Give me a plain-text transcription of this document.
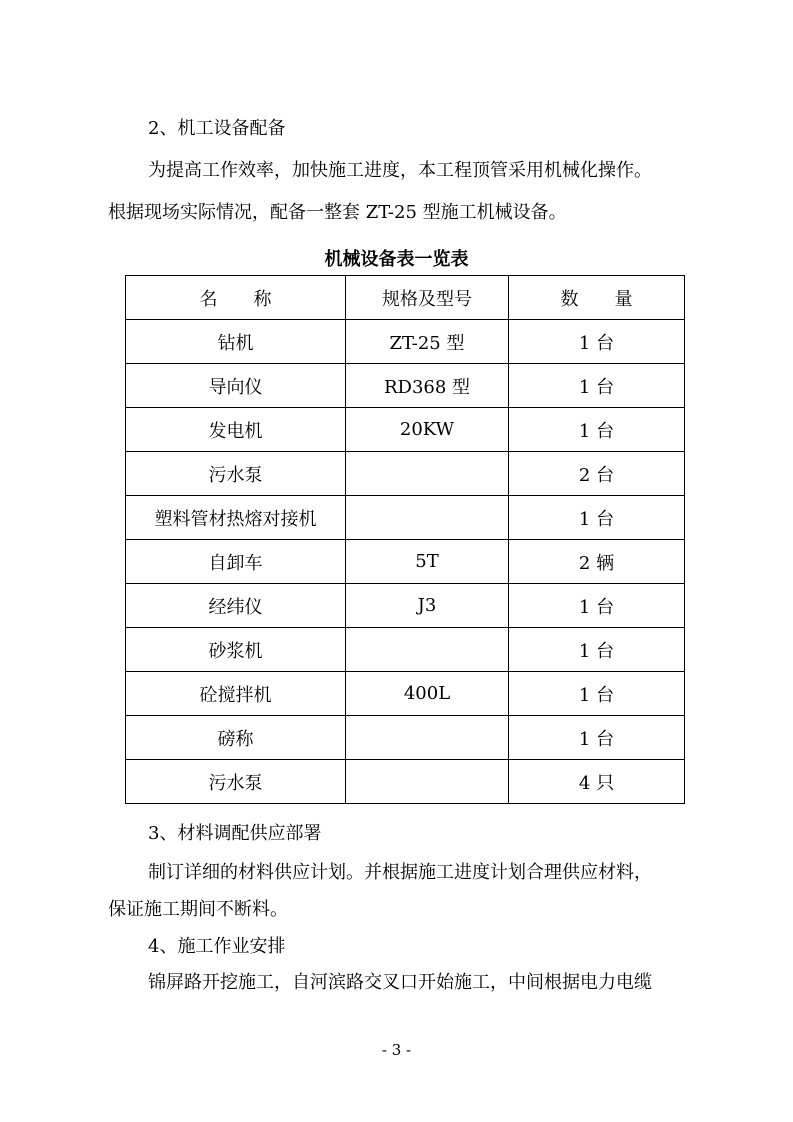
2、机工设备配备
为提高工作效率，加快施工进度，本工程顶管采用机械化操作。
根据现场实际情况，配备一整套 ZT-25 型施工机械设备。
机械设备表一览表
名　　称	规格及型号	数　　量
钻机	ZT-25 型	1 台
导向仪	RD368 型	1 台
发电机	20KW	1 台
污水泵		2 台
塑料管材热熔对接机		1 台
自卸车	5T	2 辆
经纬仪	J3	1 台
砂浆机		1 台
砼搅拌机	400L	1 台
磅称		1 台
污水泵		4 只
3、材料调配供应部署
制订详细的材料供应计划。并根据施工进度计划合理供应材料，
保证施工期间不断料。
4、施工作业安排
锦屏路开挖施工，自河滨路交叉口开始施工，中间根据电力电缆
- 3 -
